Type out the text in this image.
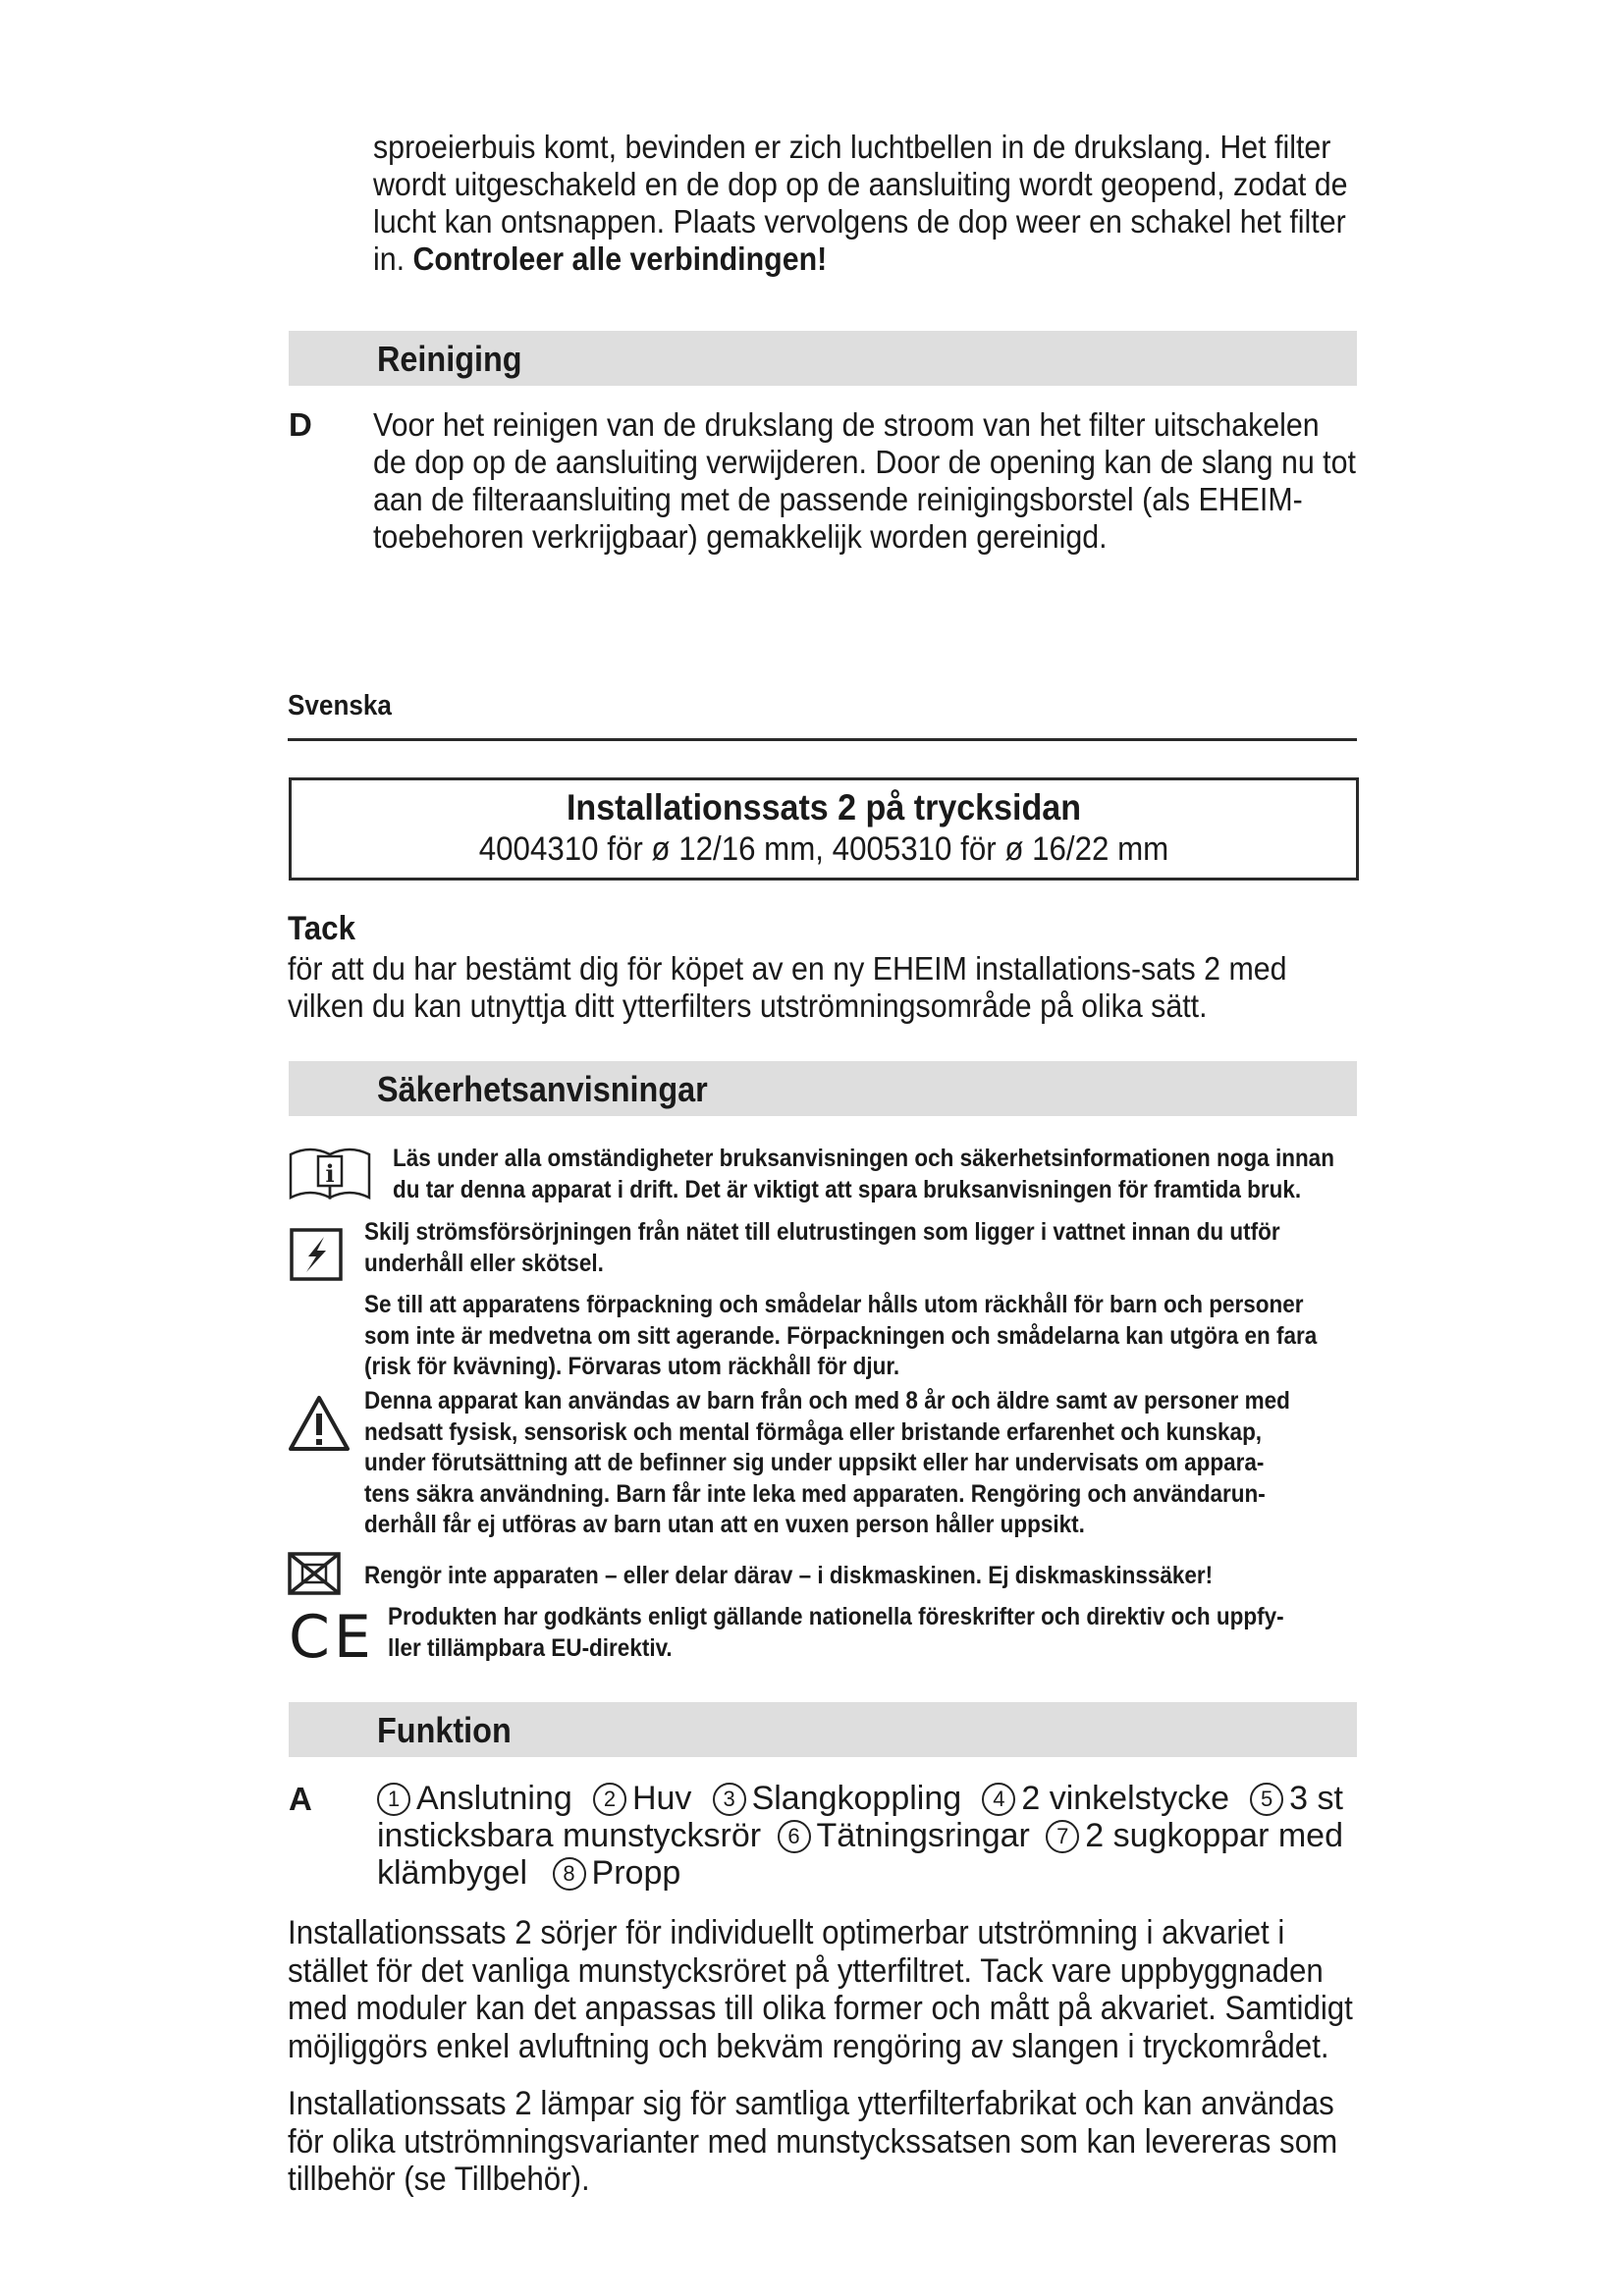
sproeierbuis komt, bevinden er zich luchtbellen in de drukslang. Het filter
wordt uitgeschakeld en de dop op de aansluiting wordt geopend, zodat de
lucht kan ontsnappen. Plaats vervolgens de dop weer en schakel het filter
in. Controleer alle verbindingen!
Reiniging
D Voor het reinigen van de drukslang de stroom van het filter uitschakelen
de dop op de aansluiting verwijderen. Door de opening kan de slang nu tot
aan de filteraansluiting met de passende reinigingsborstel (als EHEIM-
toebehoren verkrijgbaar) gemakkelijk worden gereinigd.
Svenska
Installationssats 2 på trycksidan
4004310 för ø 12/16 mm, 4005310 för ø 16/22 mm
Tack
för att du har bestämt dig för köpet av en ny EHEIM installations-sats 2 med
vilken du kan utnyttja ditt ytterfilters utströmningsområde på olika sätt.
Säkerhetsanvisningar
i
Läs under alla omständigheter bruksanvisningen och säkerhetsinformationen noga innan
du tar denna apparat i drift. Det är viktigt att spara bruksanvisningen för framtida bruk.
Skilj strömsförsörjningen från nätet till elutrustingen som ligger i vattnet innan du utför
underhåll eller skötsel.
Se till att apparatens förpackning och smådelar hålls utom räckhåll för barn och personer
som inte är medvetna om sitt agerande. Förpackningen och smådelarna kan utgöra en fara
(risk för kvävning). Förvaras utom räckhåll för djur.
Denna apparat kan användas av barn från och med 8 år och äldre samt av personer med
nedsatt fysisk, sensorisk och mental förmåga eller bristande erfarenhet och kunskap,
under förutsättning att de befinner sig under uppsikt eller har undervisats om appara-
tens säkra användning. Barn får inte leka med apparaten. Rengöring och användarun-
derhåll får ej utföras av barn utan att en vuxen person håller uppsikt.
Rengör inte apparaten – eller delar därav – i diskmaskinen. Ej diskmaskinssäker!
CE Produkten har godkänts enligt gällande nationella föreskrifter och direktiv och uppfy-
ller tillämpbara EU-direktiv.
Funktion
A	1 Anslutning	2 Huv	3 Slangkoppling	4 2 vinkelstycke	5 3 st
insticksbara munstycksrör	6 Tätningsringar	7 2 sugkoppar med
klämbygel 8 Propp
Installationssats 2 sörjer för individuellt optimerbar utströmning i akvariet i
stället för det vanliga munstycksröret på ytterfiltret. Tack vare uppbyggnaden
med moduler kan det anpassas till olika former och mått på akvariet. Samtidigt
möjliggörs enkel avluftning och bekväm rengöring av slangen i tryckområdet.
Installationssats 2 lämpar sig för samtliga ytterfilterfabrikat och kan användas
för olika utströmningsvarianter med munstyckssatsen som kan levereras som
tillbehör (se Tillbehör).
